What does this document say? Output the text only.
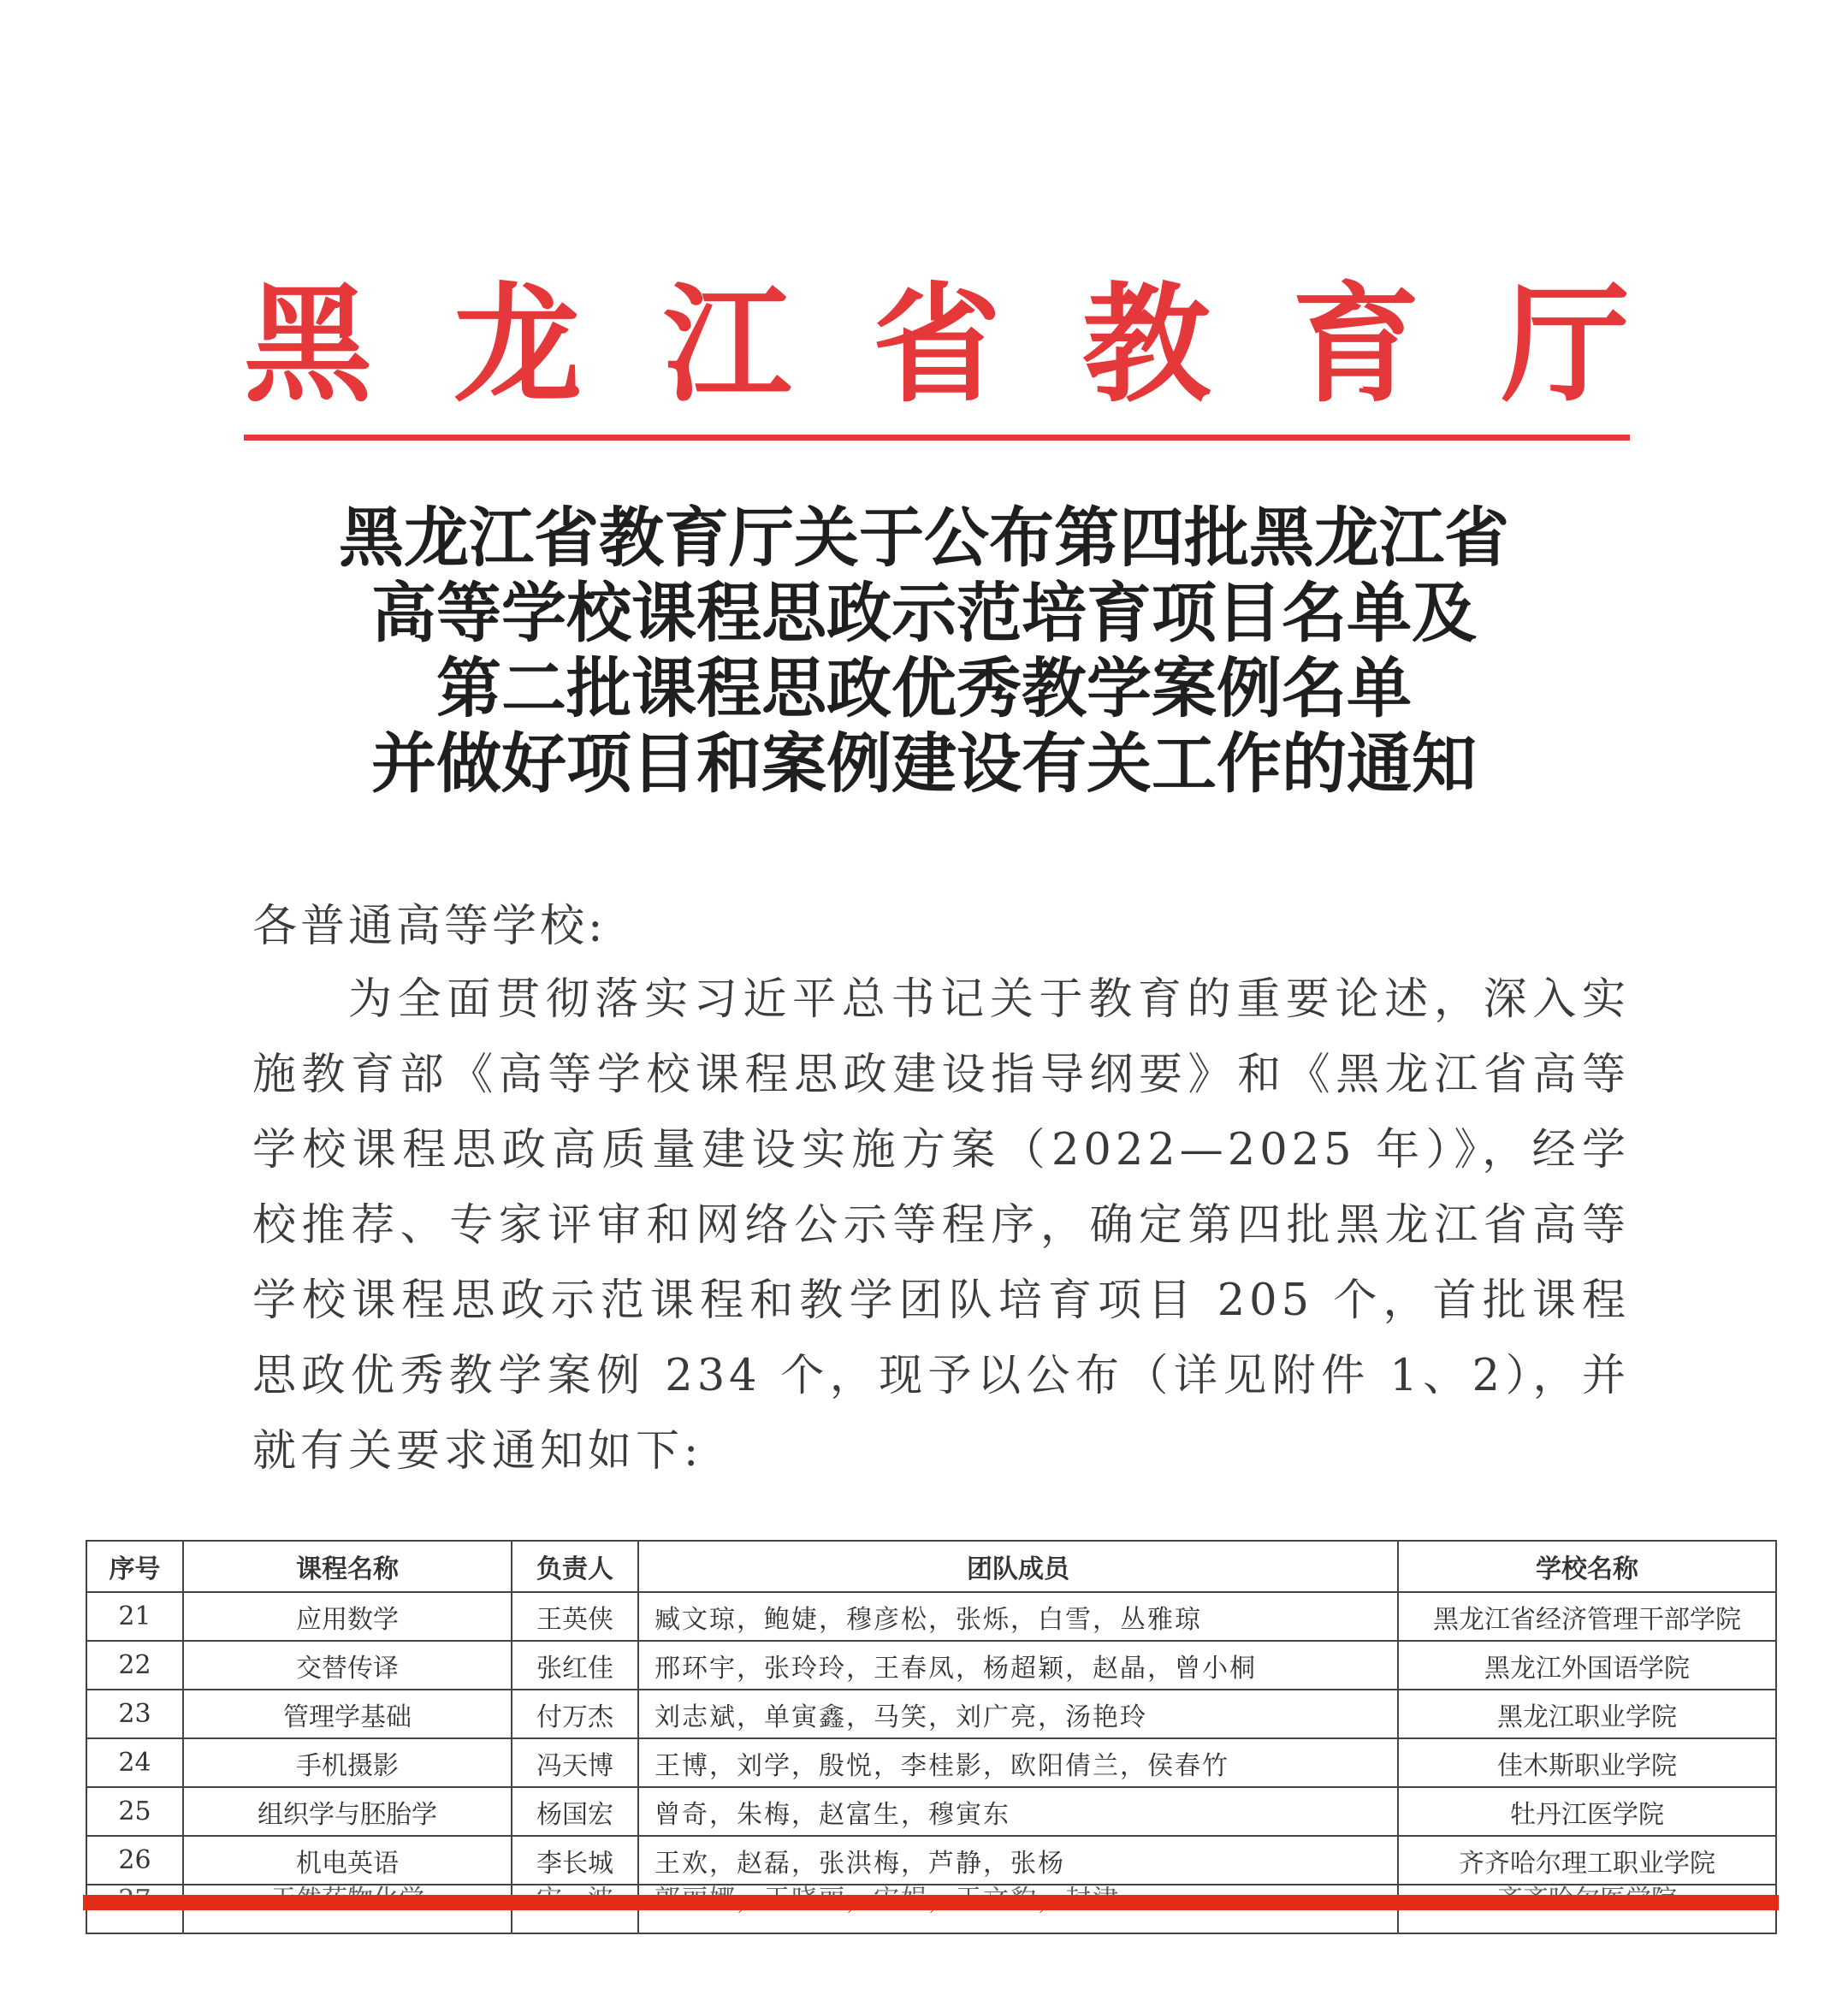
黑 龙 江 省 教 育 厅
黑龙江省教育厅关于公布第四批黑龙江省
高等学校课程思政示范培育项目名单及
第二批课程思政优秀教学案例名单
并做好项目和案例建设有关工作的通知
各普通高等学校:
为全面贯彻落实习近平总书记关于教育的重要论述，深入实施教育部《高等学校课程思政建设指导纲要》和《黑龙江省高等学校课程思政高质量建设实施方案（2022—2025 年）》，经学校推荐、专家评审和网络公示等程序，确定第四批黑龙江省高等学校课程思政示范课程和教学团队培育项目 205 个，首批课程思政优秀教学案例 234 个，现予以公布（详见附件 1、2），并就有关要求通知如下:
序号	课程名称	负责人	团队成员	学校名称
21	应用数学	王英侠	臧文琼，鲍婕，穆彦松，张烁，白雪，丛雅琼	黑龙江省经济管理干部学院
22	交替传译	张红佳	邢环宇，张玲玲，王春凤，杨超颖，赵晶，曾小桐	黑龙江外国语学院
23	管理学基础	付万杰	刘志斌，单寅鑫，马笑，刘广亮，汤艳玲	黑龙江职业学院
24	手机摄影	冯天博	王博，刘学，殷悦，李桂影，欧阳倩兰，侯春竹	佳木斯职业学院
25	组织学与胚胎学	杨国宏	曾奇，朱梅，赵富生，穆寅东	牡丹江医学院
26	机电英语	李长城	王欢，赵磊，张洪梅，芦静，张杨	齐齐哈尔理工职业学院
